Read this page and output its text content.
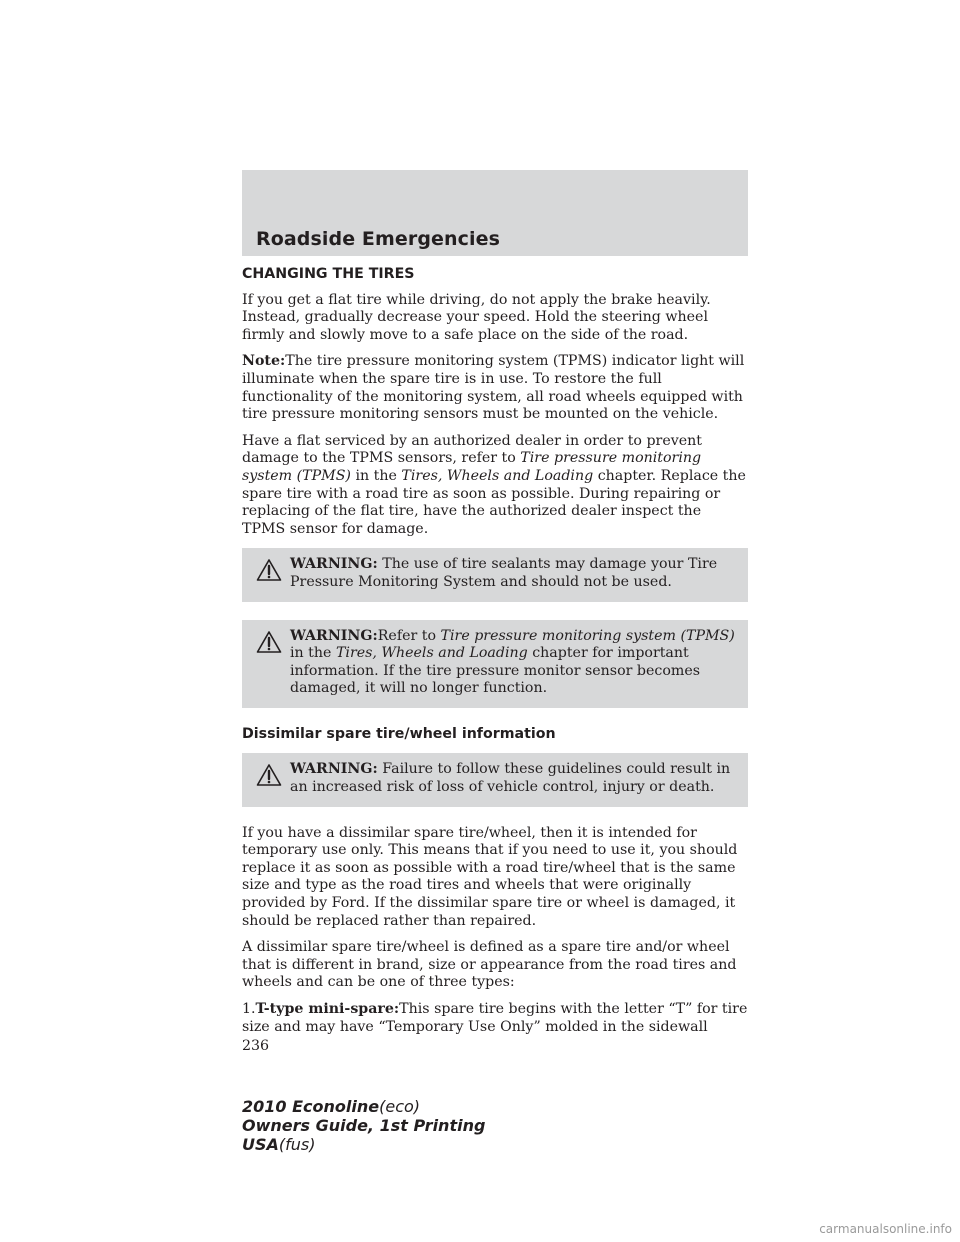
Roadside Emergencies
CHANGING THE TIRES

If you get a flat tire while driving, do not apply the brake heavily. Instead, gradually decrease your speed. Hold the steering wheel firmly and slowly move to a safe place on the side of the road.

Note:The tire pressure monitoring system (TPMS) indicator light will illuminate when the spare tire is in use. To restore the full functionality of the monitoring system, all road wheels equipped with tire pressure monitoring sensors must be mounted on the vehicle.

Have a flat serviced by an authorized dealer in order to prevent damage to the TPMS sensors, refer to Tire pressure monitoring system (TPMS) in the Tires, Wheels and Loading chapter. Replace the spare tire with a road tire as soon as possible. During repairing or replacing of the flat tire, have the authorized dealer inspect the TPMS sensor for damage.

WARNING: The use of tire sealants may damage your Tire Pressure Monitoring System and should not be used.
WARNING:Refer to Tire pressure monitoring system (TPMS) in the Tires, Wheels and Loading chapter for important information. If the tire pressure monitor sensor becomes damaged, it will no longer function.
Dissimilar spare tire/wheel information
WARNING: Failure to follow these guidelines could result in an increased risk of loss of vehicle control, injury or death.

If you have a dissimilar spare tire/wheel, then it is intended for temporary use only. This means that if you need to use it, you should replace it as soon as possible with a road tire/wheel that is the same size and type as the road tires and wheels that were originally provided by Ford. If the dissimilar spare tire or wheel is damaged, it should be replaced rather than repaired.

A dissimilar spare tire/wheel is defined as a spare tire and/or wheel that is different in brand, size or appearance from the road tires and wheels and can be one of three types:

1.T-type mini-spare:This spare tire begins with the letter “T” for tire size and may have “Temporary Use Only” molded in the sidewall

236
2010 Econoline(eco)
Owners Guide, 1st Printing
USA(fus)
carmanualsonline.info
